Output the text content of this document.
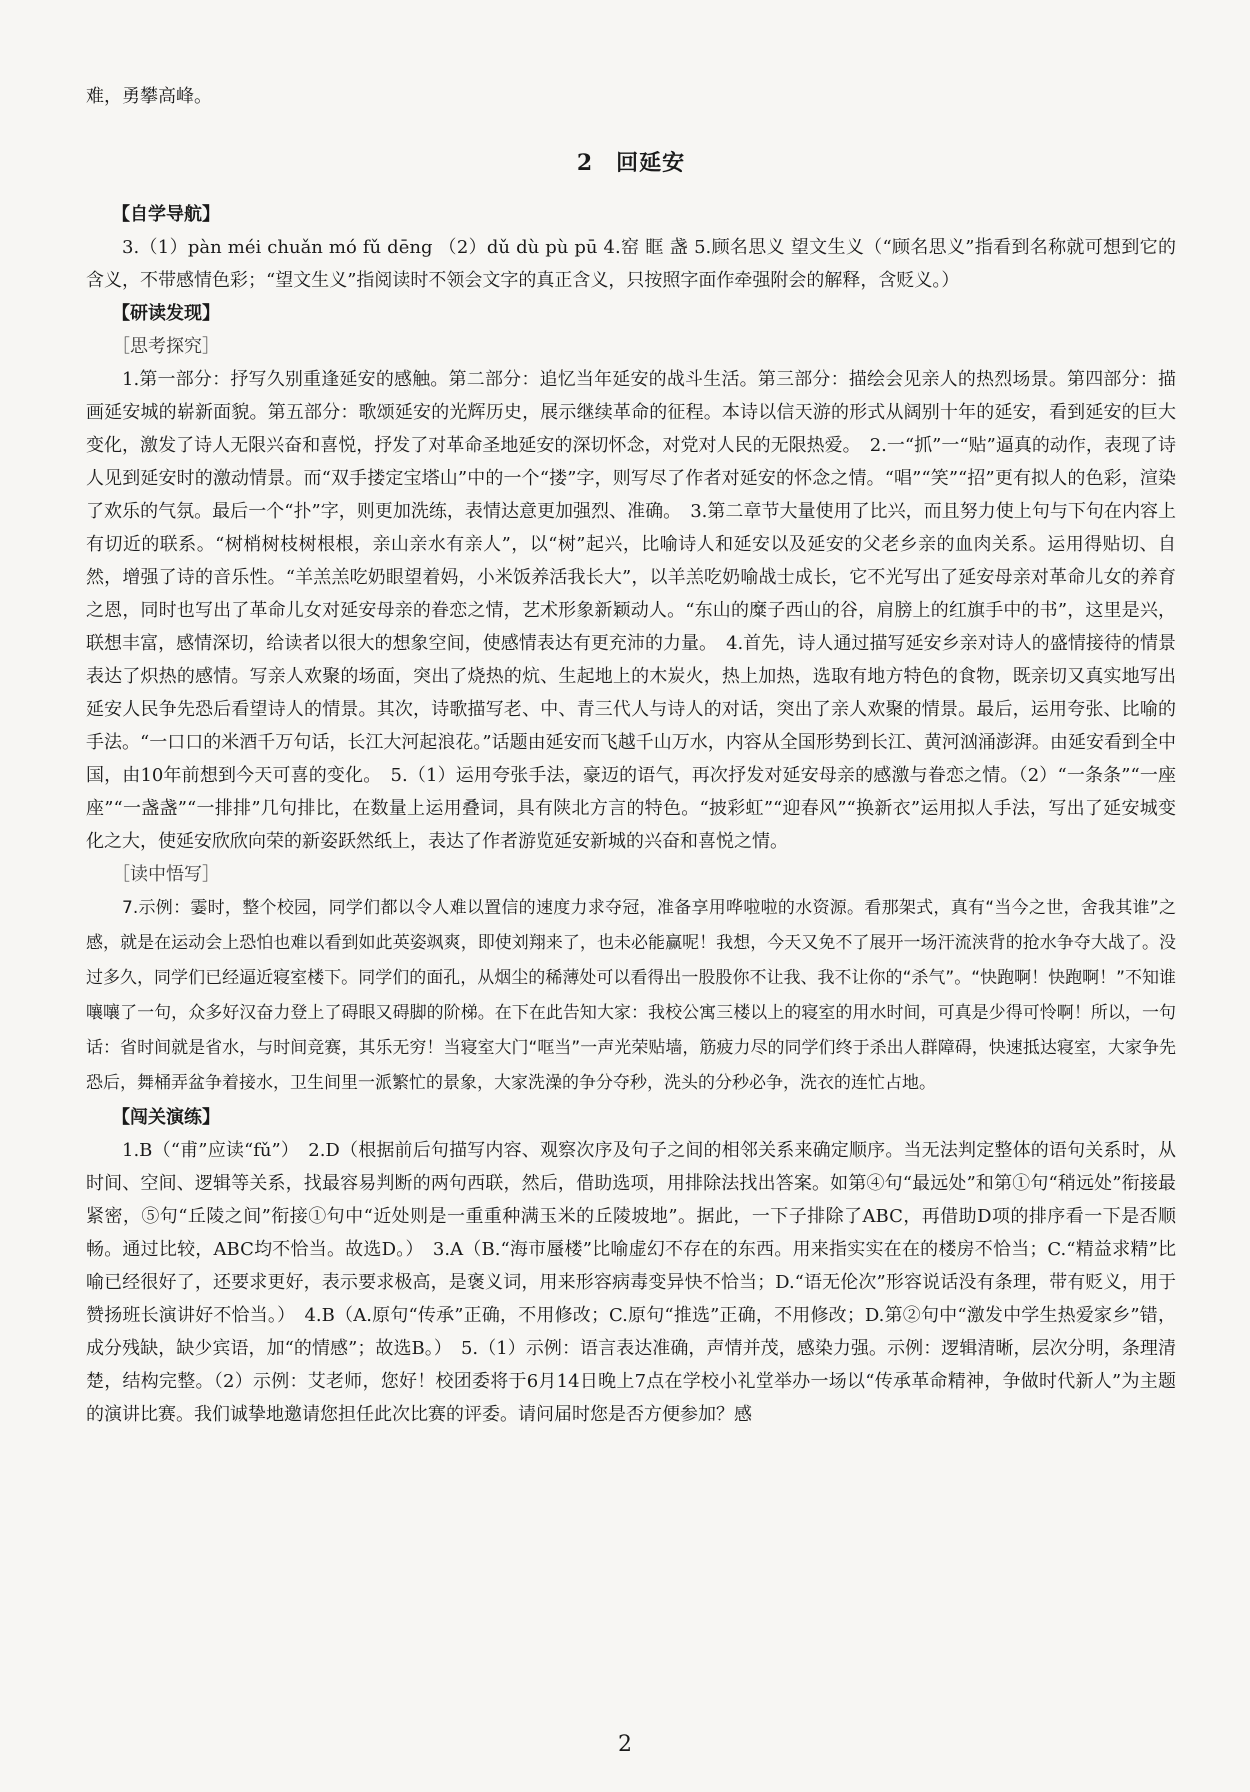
难，勇攀高峰。

2　回延安

【自学导航】

3.（1）pàn méi chuǎn mó fǔ dēng （2）dǔ dù pù pū 4.窑 眶 盏 5.顾名思义 望文生义（“顾名思义”指看到名称就可想到它的含义，不带感情色彩；“望文生义”指阅读时不领会文字的真正含义，只按照字面作牵强附会的解释，含贬义。）

【研读发现】

［思考探究］

1.第一部分：抒写久别重逢延安的感触。第二部分：追忆当年延安的战斗生活。第三部分：描绘会见亲人的热烈场景。第四部分：描画延安城的崭新面貌。第五部分：歌颂延安的光辉历史，展示继续革命的征程。本诗以信天游的形式从阔别十年的延安，看到延安的巨大变化，激发了诗人无限兴奋和喜悦，抒发了对革命圣地延安的深切怀念，对党对人民的无限热爱。　2.一“抓”一“贴”逼真的动作，表现了诗人见到延安时的激动情景。而“双手搂定宝塔山”中的一个“搂”字，则写尽了作者对延安的怀念之情。“唱”“笑”“招”更有拟人的色彩，渲染了欢乐的气氛。最后一个“扑”字，则更加洗练，表情达意更加强烈、准确。　3.第二章节大量使用了比兴，而且努力使上句与下句在内容上有切近的联系。“树梢树枝树根根，亲山亲水有亲人”，以“树”起兴，比喻诗人和延安以及延安的父老乡亲的血肉关系。运用得贴切、自然，增强了诗的音乐性。“羊羔羔吃奶眼望着妈，小米饭养活我长大”，以羊羔吃奶喻战士成长，它不光写出了延安母亲对革命儿女的养育之恩，同时也写出了革命儿女对延安母亲的眷恋之情，艺术形象新颖动人。“东山的糜子西山的谷，肩膀上的红旗手中的书”，这里是兴，联想丰富，感情深切，给读者以很大的想象空间，使感情表达有更充沛的力量。　4.首先，诗人通过描写延安乡亲对诗人的盛情接待的情景表达了炽热的感情。写亲人欢聚的场面，突出了烧热的炕、生起地上的木炭火，热上加热，选取有地方特色的食物，既亲切又真实地写出延安人民争先恐后看望诗人的情景。其次，诗歌描写老、中、青三代人与诗人的对话，突出了亲人欢聚的情景。最后，运用夸张、比喻的手法。“一口口的米酒千万句话，长江大河起浪花。”话题由延安而飞越千山万水，内容从全国形势到长江、黄河汹涌澎湃。由延安看到全中国，由10年前想到今天可喜的变化。　5.（1）运用夸张手法，豪迈的语气，再次抒发对延安母亲的感激与眷恋之情。（2）“一条条”“一座座”“一盏盏”“一排排”几句排比，在数量上运用叠词，具有陕北方言的特色。“披彩虹”“迎春风”“换新衣”运用拟人手法，写出了延安城变化之大，使延安欣欣向荣的新姿跃然纸上，表达了作者游览延安新城的兴奋和喜悦之情。

［读中悟写］

7.示例：霎时，整个校园，同学们都以令人难以置信的速度力求夺冠，准备享用哗啦啦的水资源。看那架式，真有“当今之世，舍我其谁”之感，就是在运动会上恐怕也难以看到如此英姿飒爽，即使刘翔来了，也未必能赢呢！我想，今天又免不了展开一场汗流浃背的抢水争夺大战了。没过多久，同学们已经逼近寝室楼下。同学们的面孔，从烟尘的稀薄处可以看得出一股股你不让我、我不让你的“杀气”。“快跑啊！快跑啊！”不知谁嚷嚷了一句，众多好汉奋力登上了碍眼又碍脚的阶梯。在下在此告知大家：我校公寓三楼以上的寝室的用水时间，可真是少得可怜啊！所以，一句话：省时间就是省水，与时间竞赛，其乐无穷！当寝室大门“哐当”一声光荣贴墙，筋疲力尽的同学们终于杀出人群障碍，快速抵达寝室，大家争先恐后，舞桶弄盆争着接水，卫生间里一派繁忙的景象，大家洗澡的争分夺秒，洗头的分秒必争，洗衣的连忙占地。

【闯关演练】

1.B（“甫”应读“fǔ”）　2.D（根据前后句描写内容、观察次序及句子之间的相邻关系来确定顺序。当无法判定整体的语句关系时，从时间、空间、逻辑等关系，找最容易判断的两句西联，然后，借助选项，用排除法找出答案。如第④句“最远处”和第①句“稍远处”衔接最紧密，⑤句“丘陵之间”衔接①句中“近处则是一重重种满玉米的丘陵坡地”。据此，一下子排除了ABC，再借助D项的排序看一下是否顺畅。通过比较，ABC均不恰当。故选D。）　3.A（B.“海市蜃楼”比喻虚幻不存在的东西。用来指实实在在的楼房不恰当；C.“精益求精”比喻已经很好了，还要求更好，表示要求极高，是褒义词，用来形容病毒变异快不恰当；D.“语无伦次”形容说话没有条理，带有贬义，用于赞扬班长演讲好不恰当。）　4.B（A.原句“传承”正确，不用修改；C.原句“推选”正确，不用修改；D.第②句中“激发中学生热爱家乡”错，成分残缺，缺少宾语，加“的情感”；故选B。）　5.（1）示例：语言表达准确，声情并茂，感染力强。示例：逻辑清晰，层次分明，条理清楚，结构完整。（2）示例：艾老师，您好！校团委将于6月14日晚上7点在学校小礼堂举办一场以“传承革命精神，争做时代新人”为主题的演讲比赛。我们诚挚地邀请您担任此次比赛的评委。请问届时您是否方便参加？感

2
